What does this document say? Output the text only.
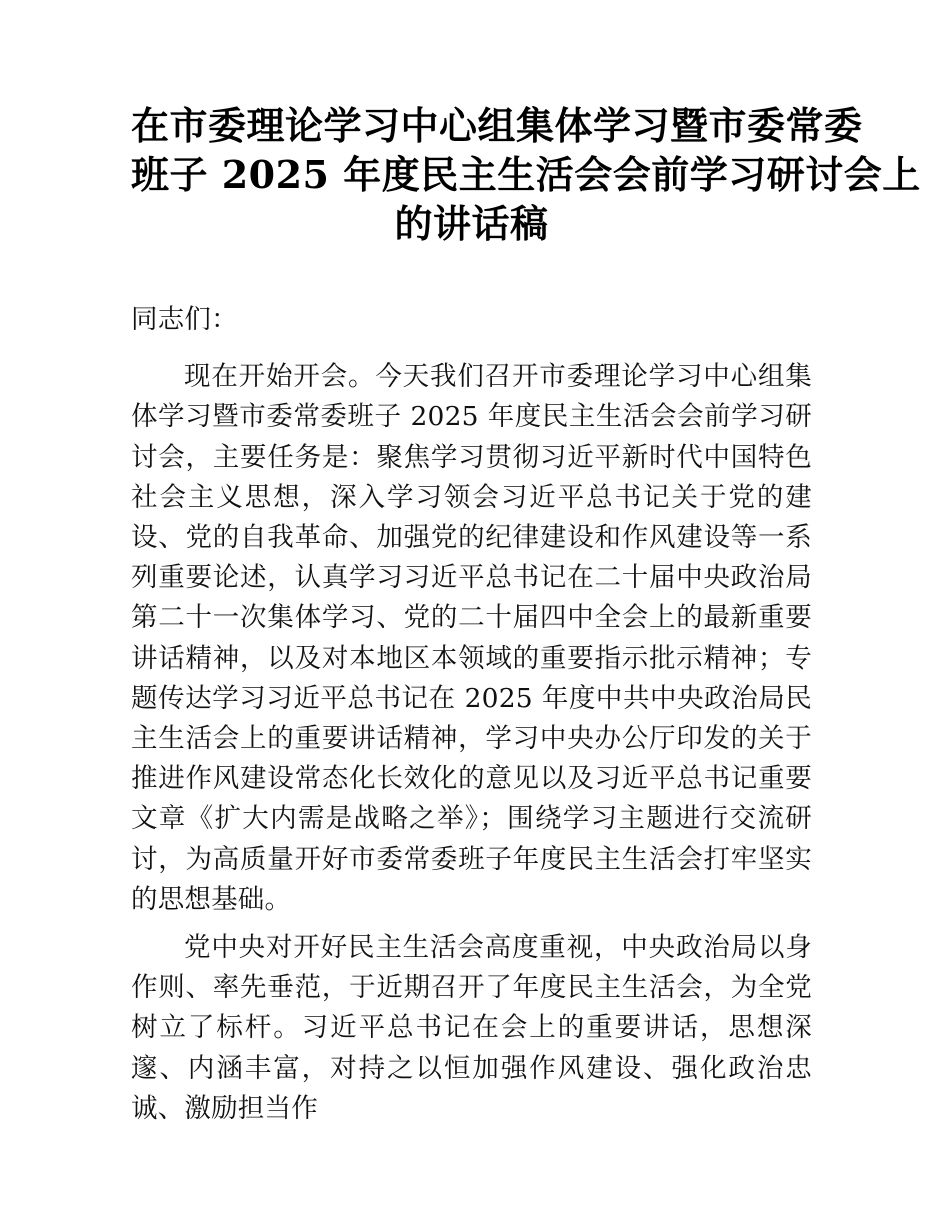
在市委理论学习中心组集体学习暨市委常委
班子 2025 年度民主生活会会前学习研讨会上
的讲话稿

同志们：

现在开始开会。今天我们召开市委理论学习中心组集体学习暨市委常委班子 2025 年度民主生活会会前学习研讨会，主要任务是：聚焦学习贯彻习近平新时代中国特色社会主义思想，深入学习领会习近平总书记关于党的建设、党的自我革命、加强党的纪律建设和作风建设等一系列重要论述，认真学习习近平总书记在二十届中央政治局第二十一次集体学习、党的二十届四中全会上的最新重要讲话精神，以及对本地区本领域的重要指示批示精神；专题传达学习习近平总书记在 2025 年度中共中央政治局民主生活会上的重要讲话精神，学习中央办公厅印发的关于推进作风建设常态化长效化的意见以及习近平总书记重要文章《扩大内需是战略之举》；围绕学习主题进行交流研讨，为高质量开好市委常委班子年度民主生活会打牢坚实的思想基础。

党中央对开好民主生活会高度重视，中央政治局以身作则、率先垂范，于近期召开了年度民主生活会，为全党树立了标杆。习近平总书记在会上的重要讲话，思想深邃、内涵丰富，对持之以恒加强作风建设、强化政治忠诚、激励担当作
